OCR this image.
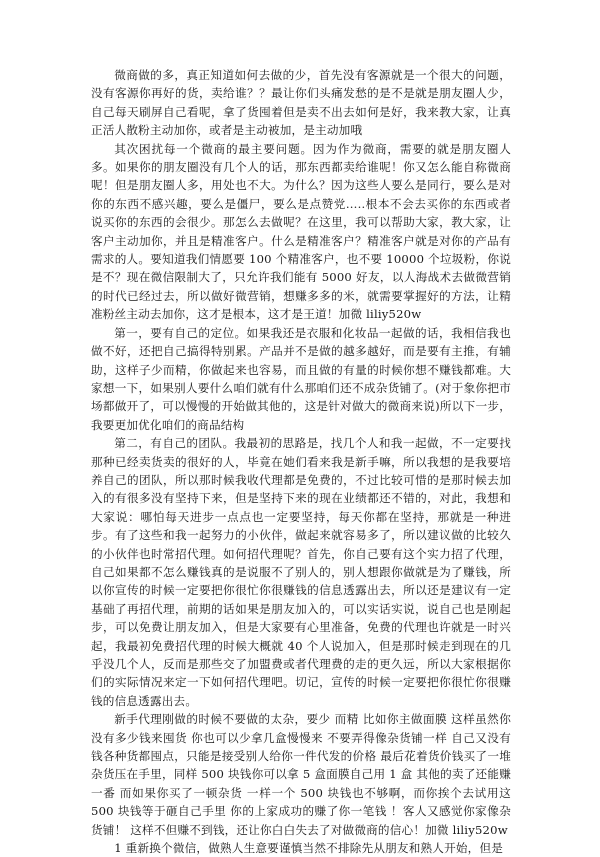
微商做的多，真正知道如何去做的少，首先没有客源就是一个很大的问题，没有客源你再好的货，卖给谁？？最让你们头痛发愁的是不是就是朋友圈人少，自己每天刷屏自己看呢，拿了货囤着但是卖不出去如何是好，我来教大家，让真正活人散粉主动加你，或者是主动被加，是主动加哦

其次困扰每一个微商的最主要问题。因为作为微商，需要的就是朋友圈人多。如果你的朋友圈没有几个人的话，那东西都卖给谁呢！你又怎么能自称微商呢！但是朋友圈人多，用处也不大。为什么？因为这些人要么是同行，要么是对你的东西不感兴趣，要么是僵尸，要么是点赞党.....根本不会去买你的东西或者说买你的东西的会很少。那怎么去做呢？在这里，我可以帮助大家，教大家，让客户主动加你，并且是精准客户。什么是精准客户？精准客户就是对你的产品有需求的人。要知道我们情愿要 100 个精准客户，也不要 10000 个垃圾粉，你说是不？现在微信限制大了，只允许我们能有 5000 好友，以人海战术去做微营销的时代已经过去，所以做好微营销，想赚多多的米，就需要掌握好的方法，让精准粉丝主动去加你，这才是根本，这才是王道！加微 liliy520w

第一，要有自己的定位。如果我还是衣服和化妆品一起做的话，我相信我也做不好，还把自己搞得特别累。产品并不是做的越多越好，而是要有主推，有辅助，这样子少而精，你做起来也容易，而且做的有量的时候你想不赚钱都难。大家想一下，如果别人要什么咱们就有什么那咱们还不成杂货铺了。(对于象你把市场都做开了，可以慢慢的开始做其他的，这是针对做大的微商来说)所以下一步，我要更加优化咱们的商品结构

第二，有自己的团队。我最初的思路是，找几个人和我一起做，不一定要找那种已经卖货卖的很好的人，毕竟在她们看来我是新手嘛，所以我想的是我要培养自己的团队，所以那时候我收代理都是免费的，不过比较可惜的是那时候去加入的有很多没有坚持下来，但是坚持下来的现在业绩都还不错的，对此，我想和大家说：哪怕每天进步一点点也一定要坚持，每天你都在坚持，那就是一种进步。有了这些和我一起努力的小伙伴，做起来就容易多了，所以建议做的比较久的小伙伴也时常招代理。如何招代理呢？首先，你自己要有这个实力招了代理，自己如果都不怎么赚钱真的是说服不了别人的，别人想跟你做就是为了赚钱，所以你宣传的时候一定要把你很忙你很赚钱的信息透露出去，所以还是建议有一定基础了再招代理，前期的话如果是朋友加入的，可以实话实说，说自己也是刚起步，可以免费让朋友加入，但是大家要有心里准备，免费的代理也许就是一时兴起，我最初免费招代理的时候大概就 40 个人说加入，但是那时候走到现在的几乎没几个人，反而是那些交了加盟费或者代理费的走的更久远，所以大家根据你们的实际情况来定一下如何招代理吧。切记，宣传的时候一定要把你很忙你很赚钱的信息透露出去。

新手代理刚做的时候不要做的太杂，要少 而精 比如你主做面膜 这样虽然你没有多少钱来囤货 你也可以少拿几盒慢慢来 不要弄得像杂货铺一样 自己又没有钱各种货都囤点，只能是接受别人给你一件代发的价格 最后花着货价钱买了一堆杂货压在手里，同样 500 块钱你可以拿 5 盒面膜自己用 1 盒 其他的卖了还能赚一番 而如果你买了一顿杂货 一样一个 500 块钱也不够啊，而你挨个去试用这 500 块钱等于砸自己手里 你的上家成功的赚了你一笔钱 ！客人又感觉你家像杂货铺！ 这样不但赚不到钱，还让你白白失去了对做微商的信心！加微 liliy520w

1 重新换个微信，做熟人生意要谨慎当然不排除先从朋友和熟人开始，但是
